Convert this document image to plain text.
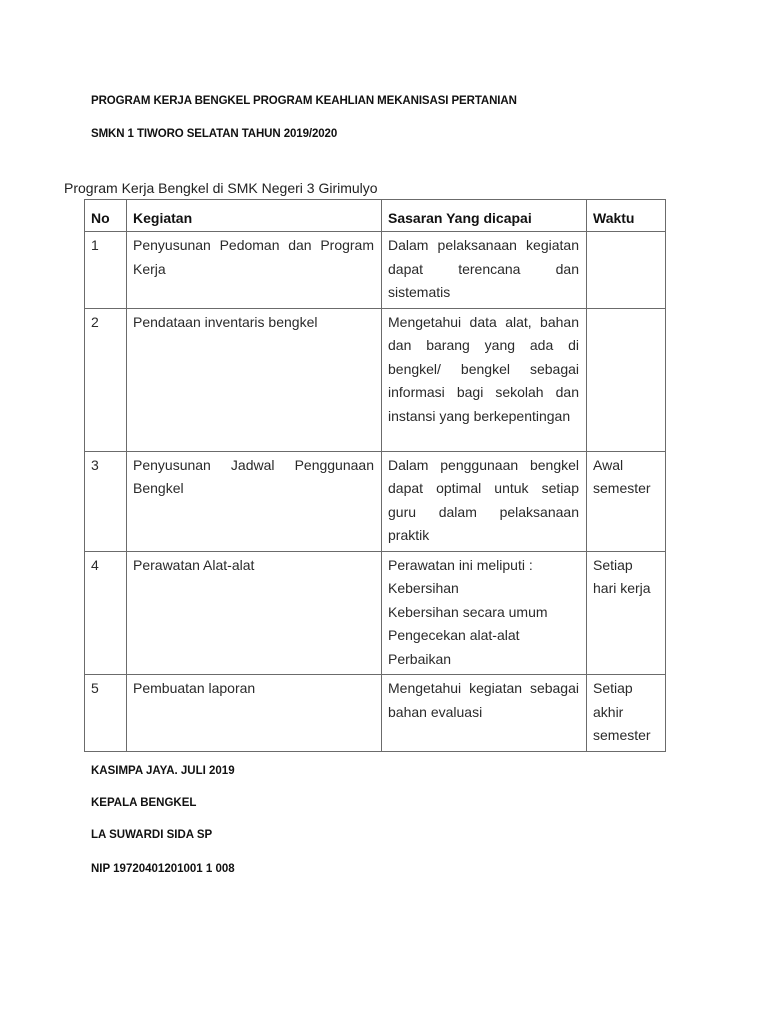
PROGRAM KERJA BENGKEL PROGRAM KEAHLIAN MEKANISASI PERTANIAN
SMKN 1 TIWORO SELATAN TAHUN 2019/2020
Program Kerja Bengkel di SMK Negeri 3 Girimulyo
No	Kegiatan	Sasaran Yang dicapai	Waktu
1	Penyusunan Pedoman dan Program Kerja	Dalam pelaksanaan kegiatan dapat terencana dan sistematis	
2	Pendataan inventaris bengkel	Mengetahui data alat, bahan dan barang yang ada di bengkel/ bengkel sebagai informasi bagi sekolah dan instansi yang berkepentingan	
3	Penyusunan Jadwal Penggunaan Bengkel	Dalam penggunaan bengkel dapat optimal untuk setiap guru dalam pelaksanaan praktik	Awal semester
4	Perawatan Alat-alat	Perawatan ini meliputi :
Kebersihan
Kebersihan secara umum
Pengecekan alat-alat
Perbaikan	Setiap hari kerja
5	Pembuatan laporan	Mengetahui kegiatan sebagai bahan evaluasi	Setiap akhir semester
KASIMPA JAYA. JULI 2019
KEPALA BENGKEL
LA SUWARDI SIDA SP
NIP 19720401201001 1 008
